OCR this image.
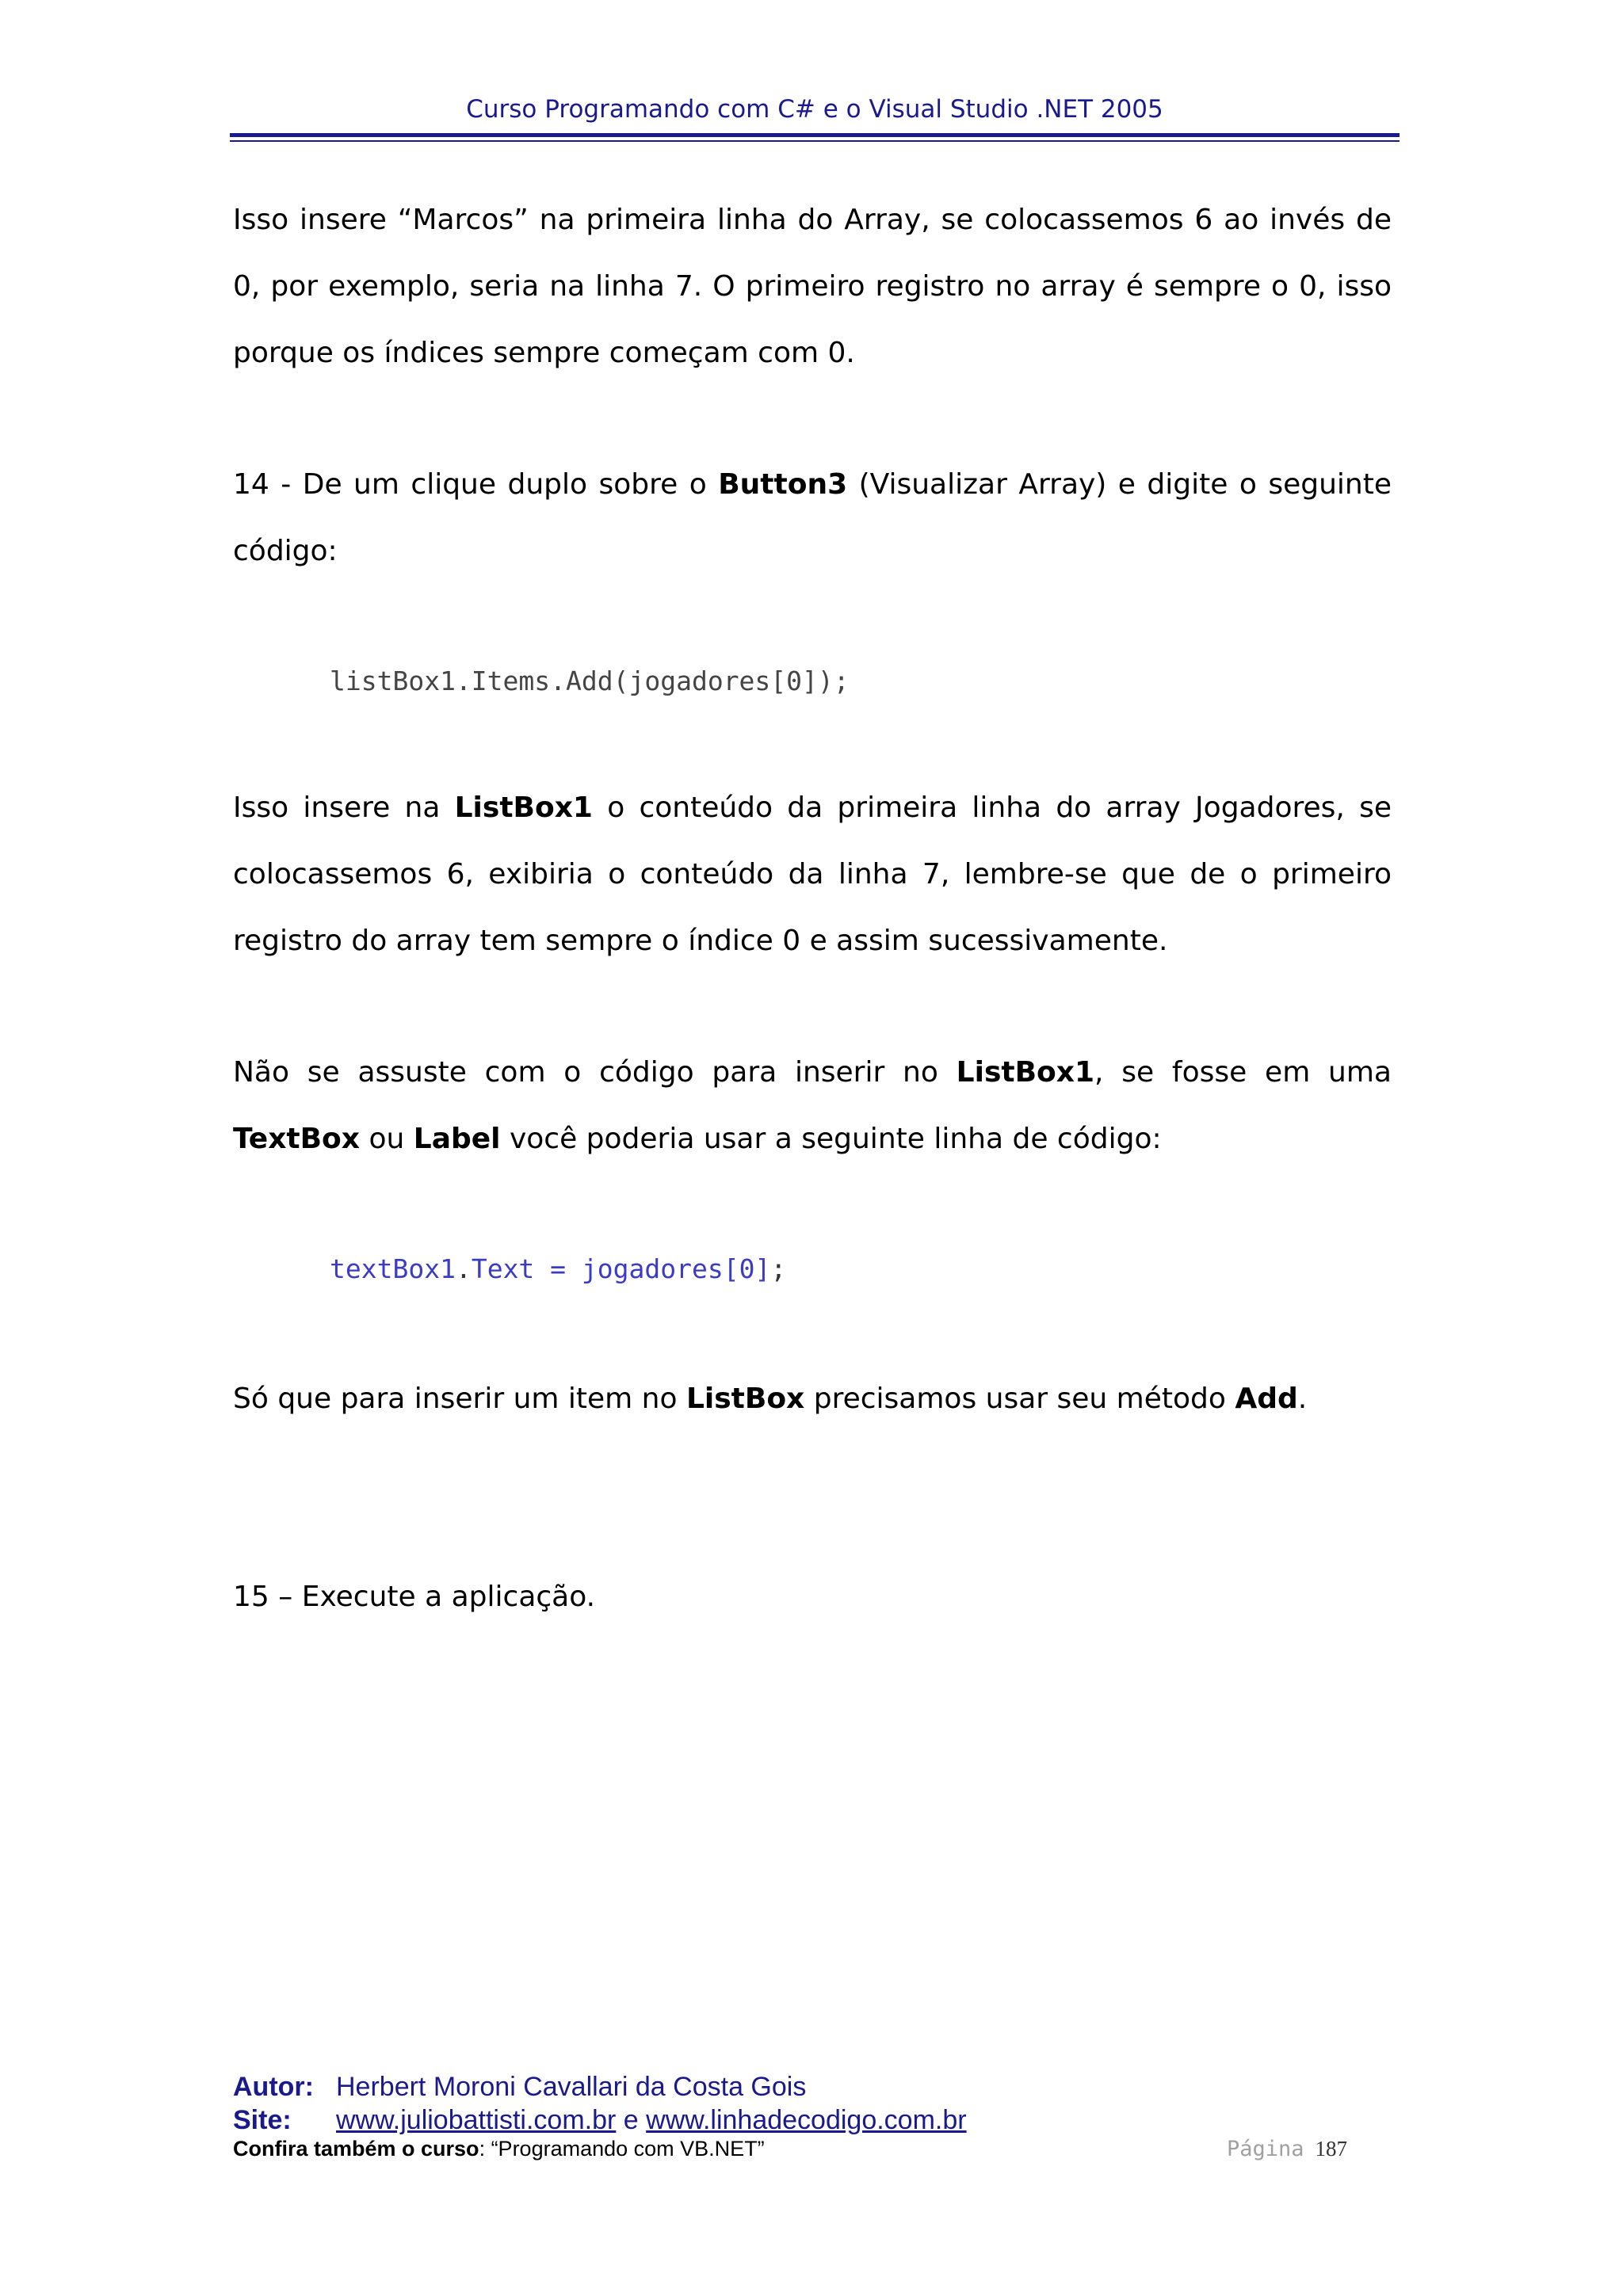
Curso Programando com C# e o Visual Studio .NET 2005

Isso insere “Marcos” na primeira linha do Array, se colocassemos 6 ao invés de 0, por exemplo, seria na linha 7. O primeiro registro no array é sempre o 0, isso porque os índices sempre começam com 0.

14 - De um clique duplo sobre o Button3 (Visualizar Array) e digite o seguinte código:

listBox1.Items.Add(jogadores[0]);

Isso insere na ListBox1 o conteúdo da primeira linha do array Jogadores, se colocassemos 6, exibiria o conteúdo da linha 7, lembre-se que de o primeiro registro do array tem sempre o índice 0 e assim sucessivamente.

Não se assuste com o código para inserir no ListBox1, se fosse em uma TextBox ou Label você poderia usar a seguinte linha de código:

textBox1.Text = jogadores[0];

Só que para inserir um item no ListBox precisamos usar seu método Add.

15 – Execute a aplicação.

Autor: Herbert Moroni Cavallari da Costa Gois
Site: www.juliobattisti.com.br e www.linhadecodigo.com.br
Confira também o curso: “Programando com VB.NET”	Página 187
